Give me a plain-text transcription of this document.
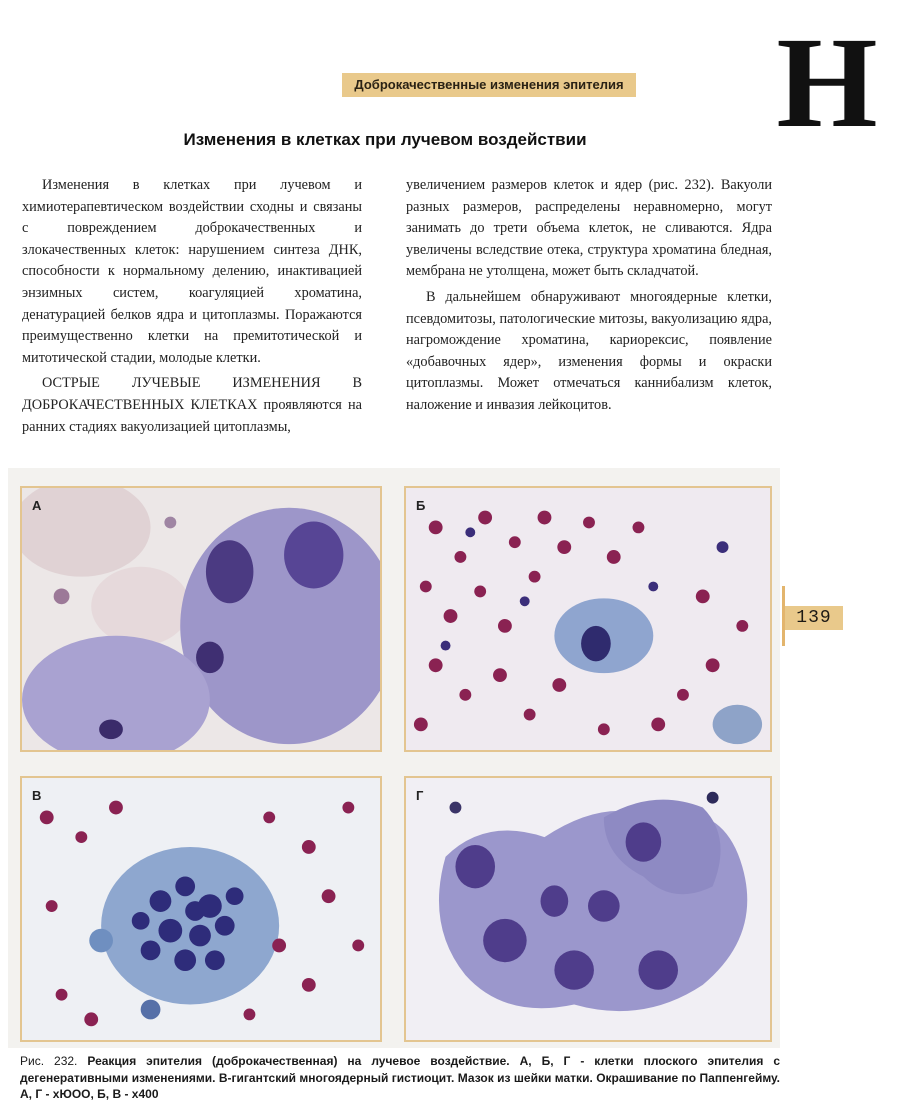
Н
Доброкачественные изменения эпителия
Изменения в клетках при лучевом воздействии

Изменения в клетках при лучевом и химиотерапевтическом воздействии сходны и связаны с повреждением доброкачественных и злокачественных клеток: нарушением синтеза ДНК, способности к нормальному делению, инактивацией энзимных систем, коагуляцией хроматина, денатурацией белков ядра и цитоплазмы. Поражаются преимущественно клетки на премитотической и митотической стадии, молодые клетки.

ОСТРЫЕ ЛУЧЕВЫЕ ИЗМЕНЕНИЯ В ДОБРОКАЧЕСТВЕННЫХ КЛЕТКАХ проявляются на ранних стадиях вакуолизацией цитоплазмы,

увеличением размеров клеток и ядер (рис. 232). Вакуоли разных размеров, распределены неравномерно, могут занимать до трети объема клеток, не сливаются. Ядра увеличены вследствие отека, структура хроматина бледная, мембрана не утолщена, может быть складчатой.

В дальнейшем обнаруживают многоядерные клетки, псевдомитозы, патологические митозы, вакуолизацию ядра, нагромождение хроматина, кариорексис, появление «добавочных ядер», изменения формы и окраски цитоплазмы. Может отмечаться каннибализм клеток, наложение и инвазия лейкоцитов.

139
А	Б
В	Г
Рис. 232. Реакция эпителия (доброкачественная) на лучевое воздействие. А, Б, Г - клетки плоского эпителия с дегенеративными изменениями. В-гигантский многоядерный гистиоцит. Мазок из шейки матки. Окрашивание по Паппенгейму. А, Г - хЮОО, Б, В - х400
